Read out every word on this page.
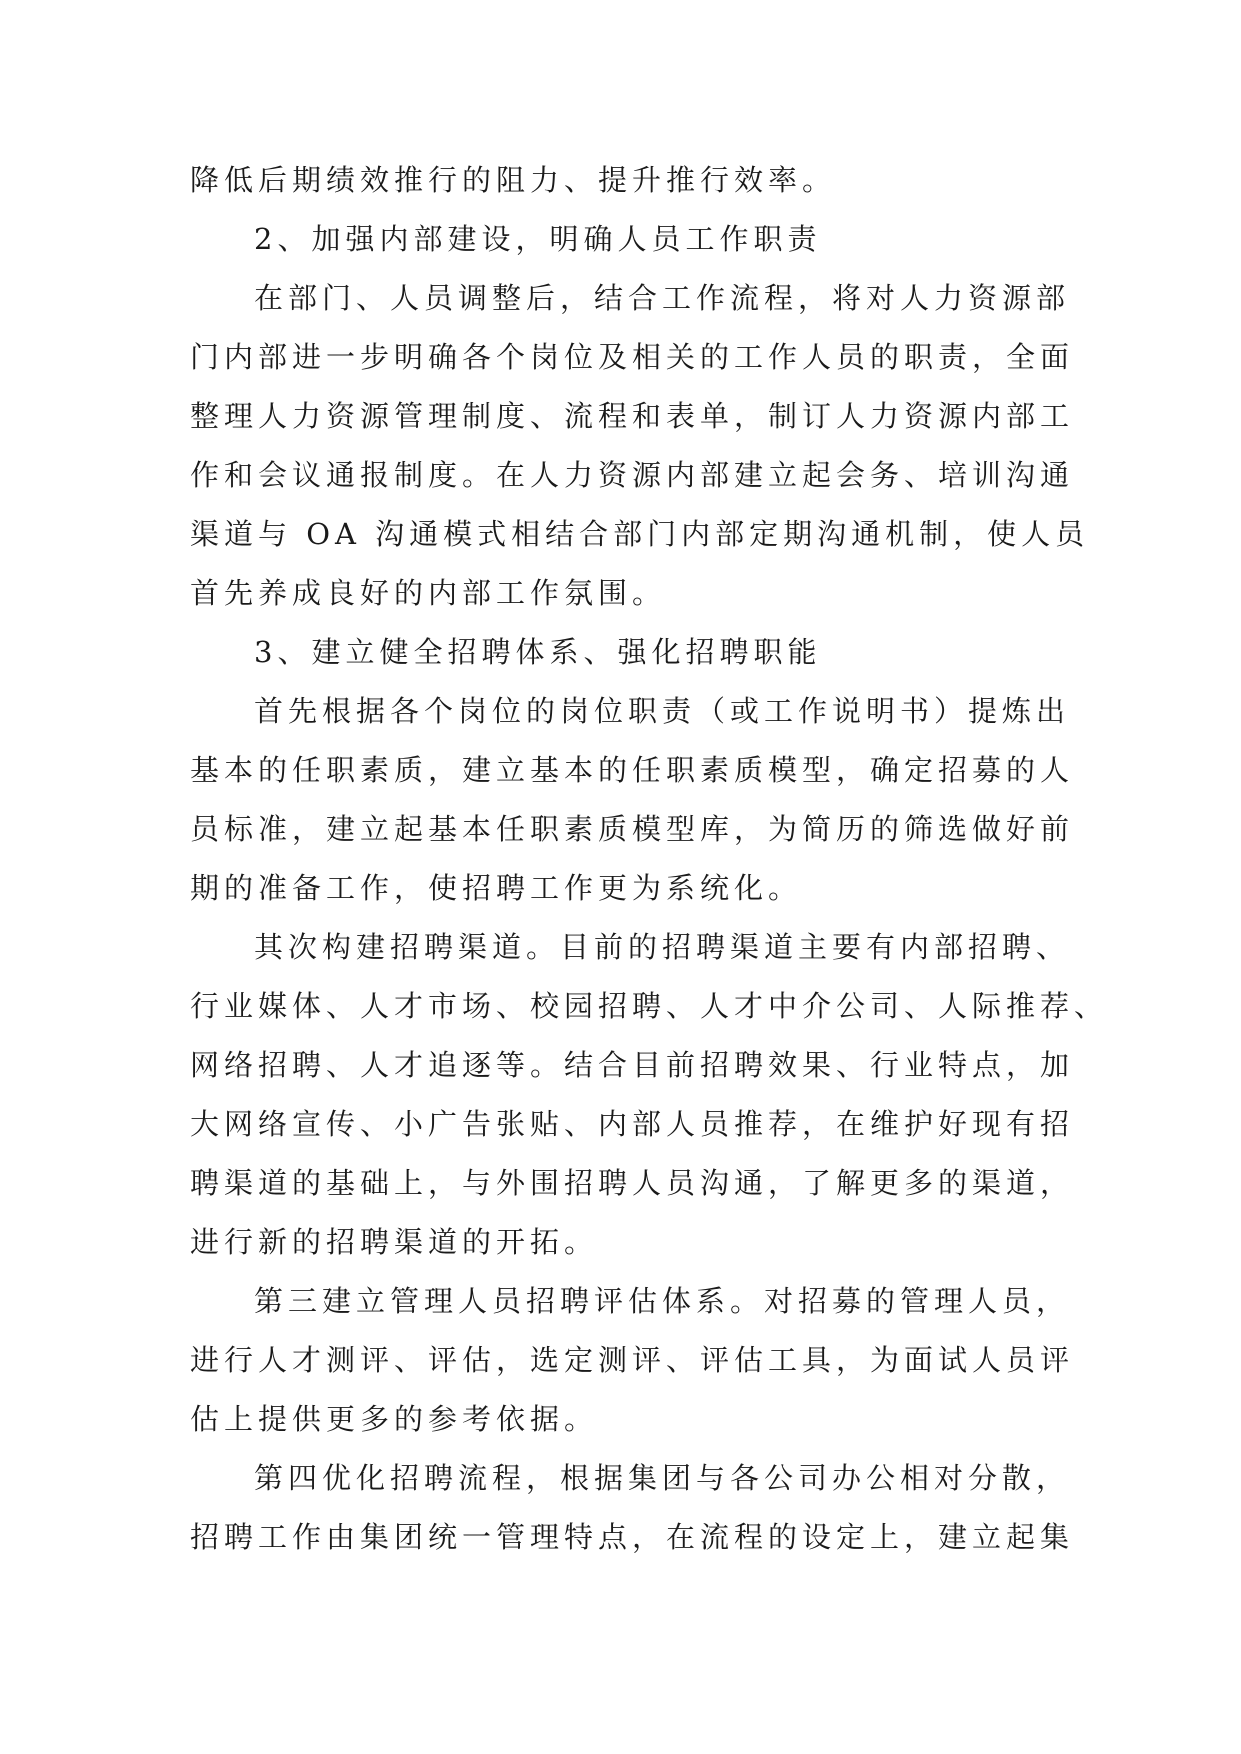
降低后期绩效推行的阻力、提升推行效率。
2、加强内部建设，明确人员工作职责
在部门、人员调整后，结合工作流程，将对人力资源部
门内部进一步明确各个岗位及相关的工作人员的职责，全面
整理人力资源管理制度、流程和表单，制订人力资源内部工
作和会议通报制度。在人力资源内部建立起会务、培训沟通
渠道与 OA 沟通模式相结合部门内部定期沟通机制，使人员
首先养成良好的内部工作氛围。
3、建立健全招聘体系、强化招聘职能
首先根据各个岗位的岗位职责（或工作说明书）提炼出
基本的任职素质，建立基本的任职素质模型，确定招募的人
员标准，建立起基本任职素质模型库，为简历的筛选做好前
期的准备工作，使招聘工作更为系统化。
其次构建招聘渠道。目前的招聘渠道主要有内部招聘、
行业媒体、人才市场、校园招聘、人才中介公司、人际推荐、
网络招聘、人才追逐等。结合目前招聘效果、行业特点，加
大网络宣传、小广告张贴、内部人员推荐，在维护好现有招
聘渠道的基础上，与外围招聘人员沟通，了解更多的渠道，
进行新的招聘渠道的开拓。
第三建立管理人员招聘评估体系。对招募的管理人员，
进行人才测评、评估，选定测评、评估工具，为面试人员评
估上提供更多的参考依据。
第四优化招聘流程，根据集团与各公司办公相对分散，
招聘工作由集团统一管理特点，在流程的设定上，建立起集
